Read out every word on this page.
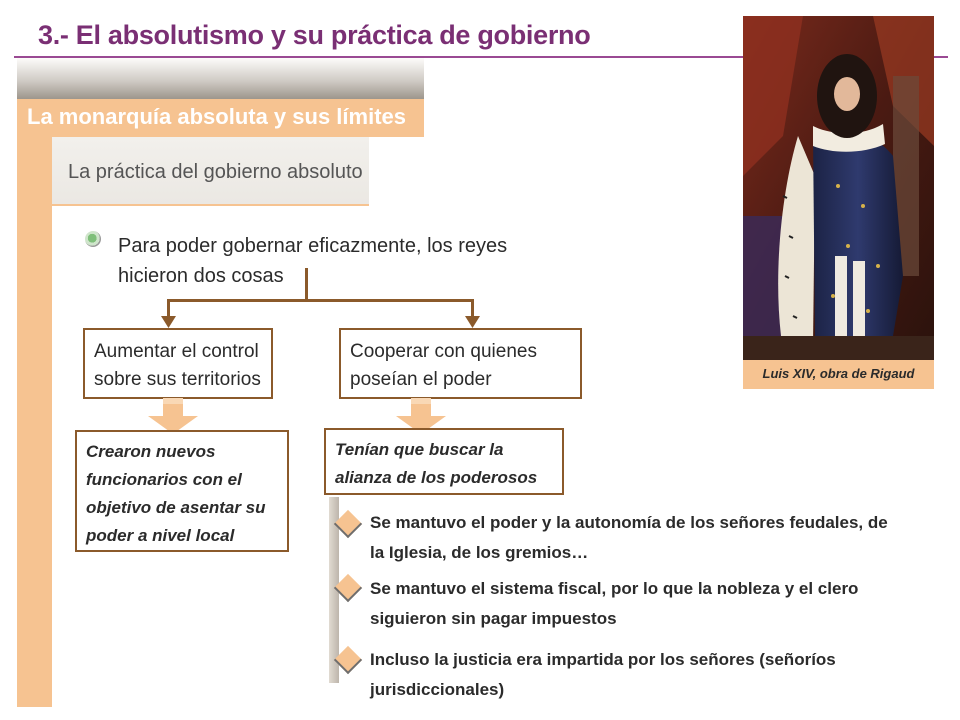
3.- El absolutismo y su práctica de gobierno
La monarquía absoluta y sus límites
La práctica del gobierno absoluto
Para poder gobernar eficazmente, los reyes hicieron dos cosas
Aumentar el control sobre sus territorios
Cooperar con quienes poseían el poder
Crearon nuevos funcionarios con el objetivo de asentar su poder a nivel local
Tenían que buscar la alianza de los poderosos
Se mantuvo el poder y la autonomía de los señores feudales, de la Iglesia, de los gremios…
Se mantuvo el sistema fiscal, por lo que la nobleza y el clero siguieron sin pagar impuestos
Incluso la justicia era impartida por los señores (señoríos jurisdiccionales)
Luis XIV, obra de Rigaud
